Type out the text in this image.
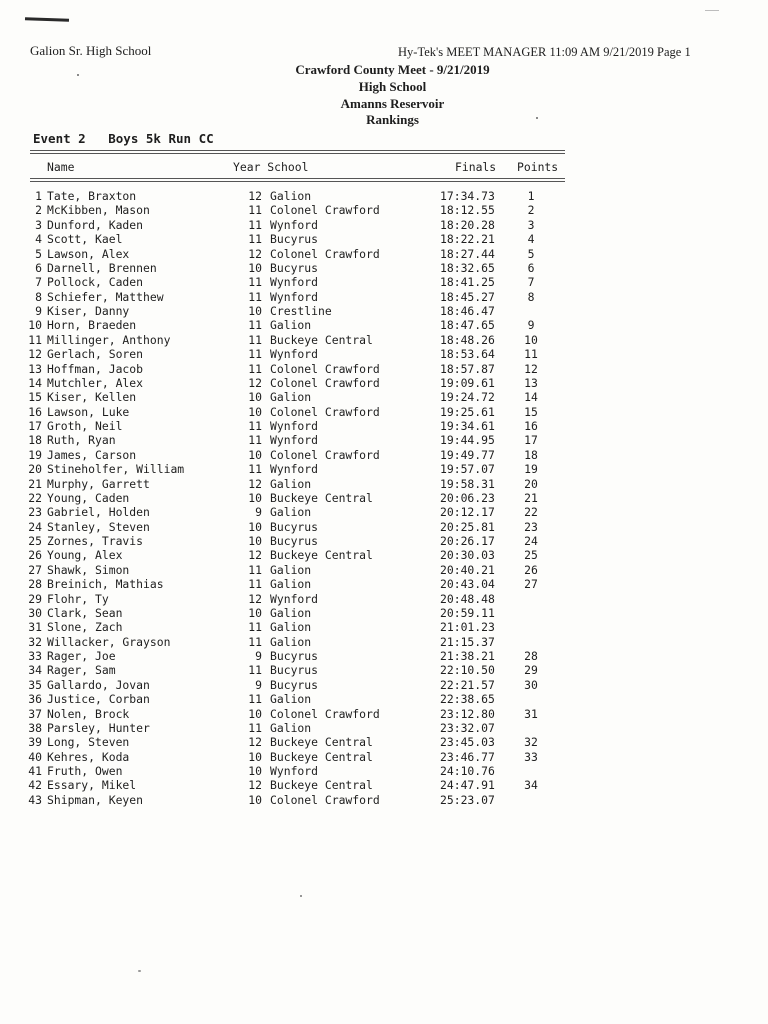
Galion Sr. High School	Hy-Tek's MEET MANAGER 11:09 AM 9/21/2019 Page 1
Crawford County Meet - 9/21/2019
High School
Amanns Reservoir
Rankings
Event 2   Boys 5k Run CC
Name	Year School	Finals Points
1 Tate, Braxton	12 Galion	17:34.73	1
2 McKibben, Mason	11 Colonel Crawford	18:12.55	2
3 Dunford, Kaden	11 Wynford	18:20.28	3
4 Scott, Kael	11 Bucyrus	18:22.21	4
5 Lawson, Alex	12 Colonel Crawford	18:27.44	5
6 Darnell, Brennen	10 Bucyrus	18:32.65	6
7 Pollock, Caden	11 Wynford	18:41.25	7
8 Schiefer, Matthew	11 Wynford	18:45.27	8
9 Kiser, Danny	10 Crestline	18:46.47
10 Horn, Braeden	11 Galion	18:47.65	9
11 Millinger, Anthony	11 Buckeye Central	18:48.26	10
12 Gerlach, Soren	11 Wynford	18:53.64	11
13 Hoffman, Jacob	11 Colonel Crawford	18:57.87	12
14 Mutchler, Alex	12 Colonel Crawford	19:09.61	13
15 Kiser, Kellen	10 Galion	19:24.72	14
16 Lawson, Luke	10 Colonel Crawford	19:25.61	15
17 Groth, Neil	11 Wynford	19:34.61	16
18 Ruth, Ryan	11 Wynford	19:44.95	17
19 James, Carson	10 Colonel Crawford	19:49.77	18
20 Stineholfer, William	11 Wynford	19:57.07	19
21 Murphy, Garrett	12 Galion	19:58.31	20
22 Young, Caden	10 Buckeye Central	20:06.23	21
23 Gabriel, Holden	9 Galion	20:12.17	22
24 Stanley, Steven	10 Bucyrus	20:25.81	23
25 Zornes, Travis	10 Bucyrus	20:26.17	24
26 Young, Alex	12 Buckeye Central	20:30.03	25
27 Shawk, Simon	11 Galion	20:40.21	26
28 Breinich, Mathias	11 Galion	20:43.04	27
29 Flohr, Ty	12 Wynford	20:48.48
30 Clark, Sean	10 Galion	20:59.11
31 Slone, Zach	11 Galion	21:01.23
32 Willacker, Grayson	11 Galion	21:15.37
33 Rager, Joe	9 Bucyrus	21:38.21	28
34 Rager, Sam	11 Bucyrus	22:10.50	29
35 Gallardo, Jovan	9 Bucyrus	22:21.57	30
36 Justice, Corban	11 Galion	22:38.65
37 Nolen, Brock	10 Colonel Crawford	23:12.80	31
38 Parsley, Hunter	11 Galion	23:32.07
39 Long, Steven	12 Buckeye Central	23:45.03	32
40 Kehres, Koda	10 Buckeye Central	23:46.77	33
41 Fruth, Owen	10 Wynford	24:10.76
42 Essary, Mikel	12 Buckeye Central	24:47.91	34
43 Shipman, Keyen	10 Colonel Crawford	25:23.07
